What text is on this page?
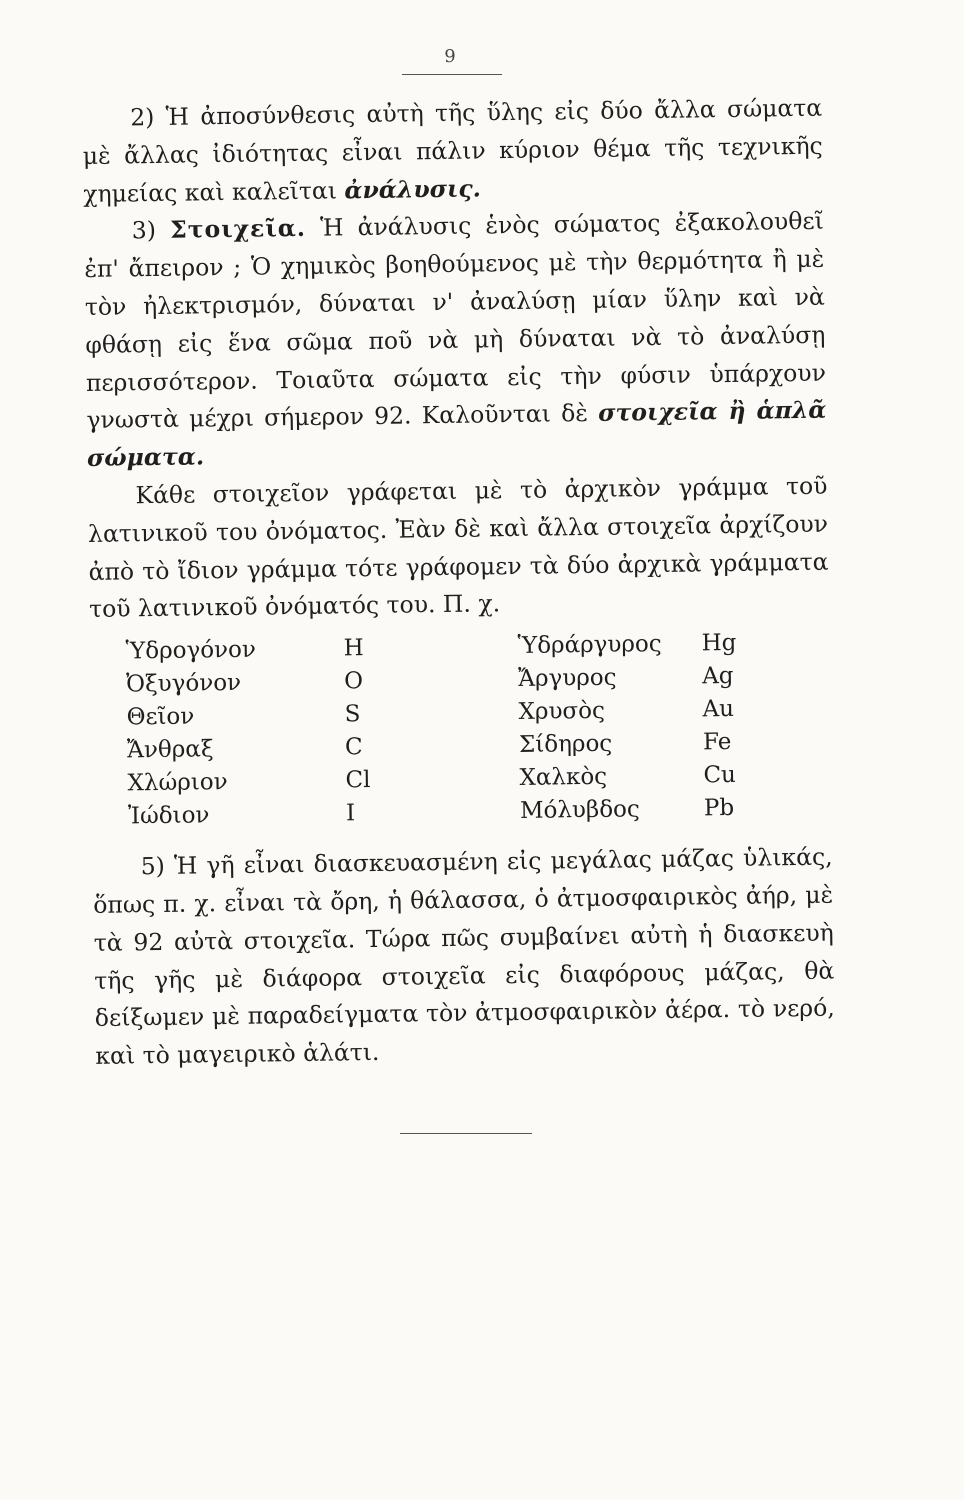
9

2) Ἡ ἀποσύνθεσις αὐτὴ τῆς ὕλης εἰς δύο ἄλλα σώματα μὲ ἄλλας ἰδιότητας εἶναι πάλιν κύριον θέμα τῆς τεχνικῆς χημείας καὶ καλεῖται ἀνάλυσις.

3) Στοιχεῖα. Ἡ ἀνάλυσις ἑνὸς σώματος ἐξακολουθεῖ ἐπ' ἄπειρον ; Ὁ χημικὸς βοηθούμενος μὲ τὴν θερμότητα ἢ μὲ τὸν ἠλεκτρισμόν, δύναται ν' ἀναλύσῃ μίαν ὕλην καὶ νὰ φθάσῃ εἰς ἕνα σῶμα ποῦ νὰ μὴ δύναται νὰ τὸ ἀναλύσῃ περισσότερον. Τοιαῦτα σώματα εἰς τὴν φύσιν ὑπάρχουν γνωστὰ μέχρι σήμερον 92. Καλοῦνται δὲ στοιχεῖα ἢ ἁπλᾶ σώματα.

Κάθε στοιχεῖον γράφεται μὲ τὸ ἀρχικὸν γράμμα τοῦ λατινικοῦ του ὀνόματος. Ἐὰν δὲ καὶ ἄλλα στοιχεῖα ἀρχίζουν ἀπὸ τὸ ἴδιον γράμμα τότε γράφομεν τὰ δύο ἀρχικὰ γράμματα τοῦ λατινικοῦ ὀνόματός του. Π. χ.

Ὑδρογόνον	H	Ὑδράργυρος	Hg
Ὀξυγόνον	O	Ἄργυρος	Ag
Θεῖον	S	Χρυσὸς	Au
Ἄνθραξ	C	Σίδηρος	Fe
Χλώριον	Cl	Χαλκὸς	Cu
Ἰώδιον	I	Μόλυβδος	Pb

5) Ἡ γῆ εἶναι διασκευασμένη εἰς μεγάλας μάζας ὑλικάς, ὅπως π. χ. εἶναι τὰ ὄρη, ἡ θάλασσα, ὁ ἀτμοσφαιρικὸς ἀήρ, μὲ τὰ 92 αὐτὰ στοιχεῖα. Τώρα πῶς συμβαίνει αὐτὴ ἡ διασκευὴ τῆς γῆς μὲ διάφορα στοιχεῖα εἰς διαφόρους μάζας, θὰ δείξωμεν μὲ παραδείγματα τὸν ἀτμοσφαιρικὸν ἀέρα. τὸ νερό, καὶ τὸ μαγειρικὸ ἁλάτι.
